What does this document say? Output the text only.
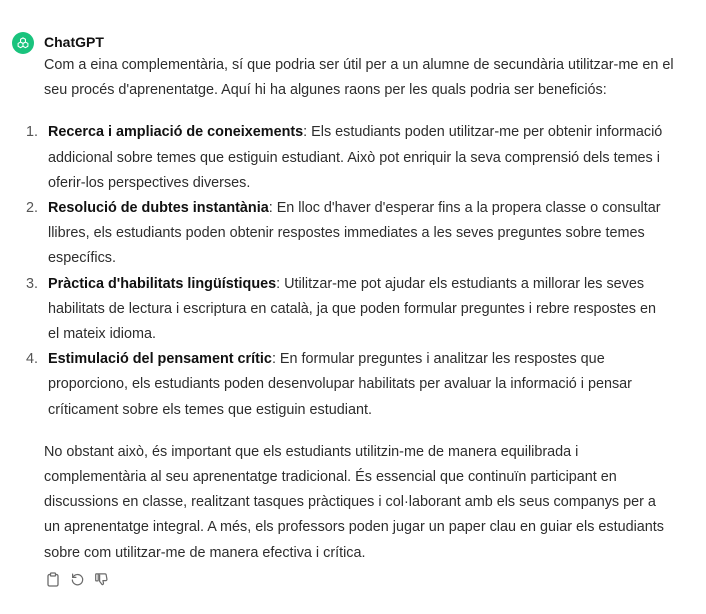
ChatGPT

Com a eina complementària, sí que podria ser útil per a un alumne de secundària utilitzar-me en el seu procés d'aprenentatge. Aquí hi ha algunes raons per les quals podria ser beneficiós:

1. Recerca i ampliació de coneixements: Els estudiants poden utilitzar-me per obtenir informació addicional sobre temes que estiguin estudiant. Això pot enriquir la seva comprensió dels temes i oferir-los perspectives diverses.
2. Resolució de dubtes instantània: En lloc d'haver d'esperar fins a la propera classe o consultar llibres, els estudiants poden obtenir respostes immediates a les seves preguntes sobre temes específics.
3. Pràctica d'habilitats lingüístiques: Utilitzar-me pot ajudar els estudiants a millorar les seves habilitats de lectura i escriptura en català, ja que poden formular preguntes i rebre respostes en el mateix idioma.
4. Estimulació del pensament crític: En formular preguntes i analitzar les respostes que proporciono, els estudiants poden desenvolupar habilitats per avaluar la informació i pensar críticament sobre els temes que estiguin estudiant.

No obstant això, és important que els estudiants utilitzin-me de manera equilibrada i complementària al seu aprenentatge tradicional. És essencial que continuïn participant en discussions en classe, realitzant tasques pràctiques i col·laborant amb els seus companys per a un aprenentatge integral. A més, els professors poden jugar un paper clau en guiar els estudiants sobre com utilitzar-me de manera efectiva i crítica.
